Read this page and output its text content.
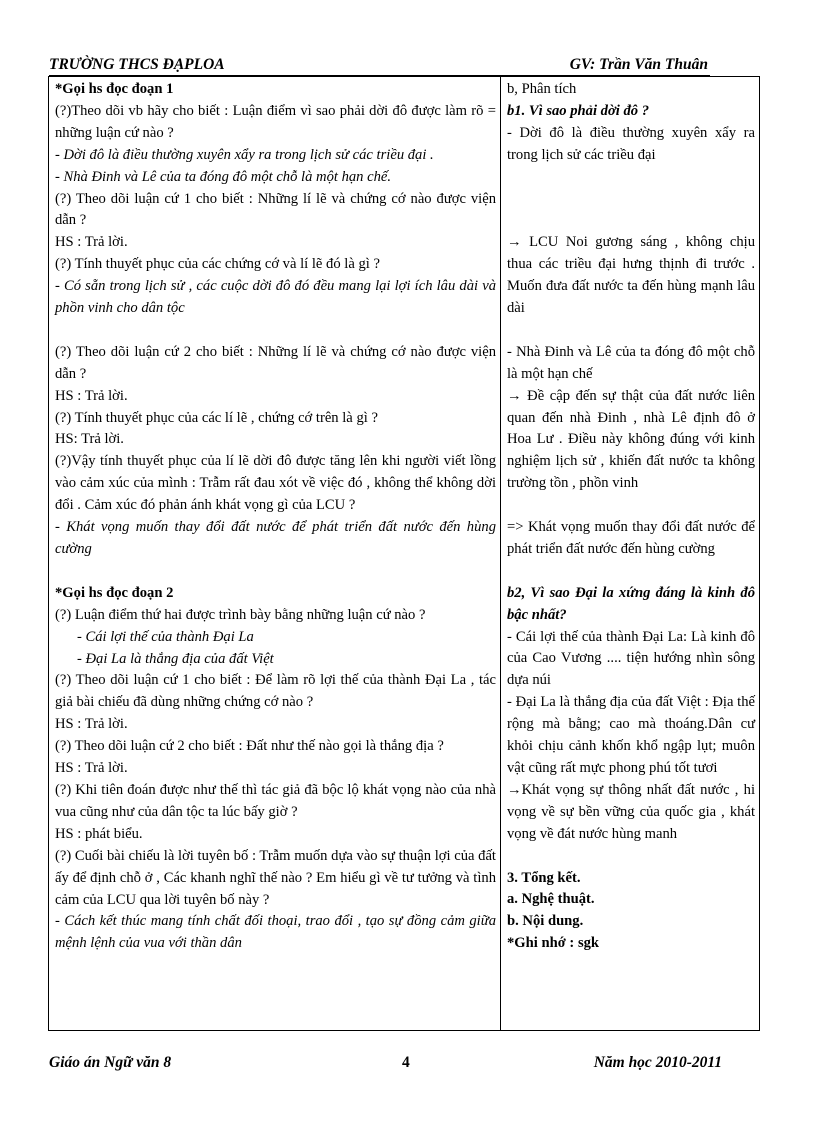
TRƯỜNG THCS ĐẠPLOA	GV: Trần Văn Thuân
*Gọi hs đọc đoạn 1
(?)Theo dõi vb hãy cho biết : Luận điểm vì sao phải dời đô được làm rõ = những luận cứ nào ?
- Dời đô là điều thường xuyên xẩy ra trong lịch sử các triều đại .
- Nhà Đinh và Lê của ta đóng đô một chỗ là một hạn chế.
(?) Theo dõi luận cứ 1 cho biết : Những lí lẽ và chứng cớ nào được viện dẫn ?
HS : Trả lời.
(?) Tính thuyết phục của các chứng cớ và lí lẽ đó là gì ?
- Có sẵn trong lịch sử , các cuộc dời đô đó đều mang lại lợi ích lâu dài và phồn vinh cho dân tộc
(?) Theo dõi luận cứ 2 cho biết : Những lí lẽ và chứng cớ nào được viện dẫn ?
HS : Trả lời.
(?) Tính thuyết phục của các lí lẽ , chứng cớ trên là gì ?
HS: Trả lời.
(?)Vậy tính thuyết phục của lí lẽ dời đô được tăng lên khi người viết lồng vào cảm xúc của mình : Trẫm rất đau xót về việc đó , không thể không dời đổi . Cảm xúc đó phản ánh khát vọng gì của LCU ?
- Khát vọng muốn thay đổi đất nước để phát triển đất nước đến hùng cường
*Gọi hs đọc đoạn 2
(?) Luận điểm thứ hai được trình bày bằng những luận cứ nào ?
- Cái lợi thế của thành Đại La
- Đại La là thắng địa của đất Việt
(?) Theo dõi luận cứ 1 cho biết : Để làm rõ lợi thế của thành Đại La , tác giả bài chiếu đã dùng những chứng cớ nào ?
HS : Trả lời.
(?) Theo dõi luận cứ 2 cho biết : Đất như thế nào gọi là thắng địa ?
HS : Trả lời.
(?) Khi tiên đoán được như thế thì tác giả đã bộc lộ khát vọng nào của nhà vua cũng như của dân tộc ta lúc bấy giờ ?
HS : phát biểu.
(?) Cuối bài chiếu là lời tuyên bố : Trẫm muốn dựa vào sự thuận lợi của đất ấy để định chỗ ở , Các khanh nghĩ thế nào ? Em hiểu gì về tư tưởng và tình cảm của LCU qua lời tuyên bố này ?
- Cách kết thúc mang tính chất đối thoại, trao đổi , tạo sự đồng cảm giữa mệnh lệnh của vua với thần dân

b, Phân tích
b1. Vì sao phải dời đô ?
- Dời đô là điều thường xuyên xẩy ra trong lịch sử các triều đại
→ LCU Noi gương sáng , không chịu thua các triều đại hưng thịnh đi trước . Muốn đưa đất nước ta đến hùng mạnh lâu dài
- Nhà Đinh và Lê của ta đóng đô một chỗ là một hạn chế
→ Đề cập đến sự thật của đất nước liên quan đến nhà Đinh , nhà Lê định đô ở Hoa Lư . Điều này không đúng với kinh nghiệm lịch sử , khiến đất nước ta không trường tồn , phồn vinh
=> Khát vọng muốn thay đổi đất nước để phát triển đất nước đến hùng cường
b2, Vì sao Đại la xứng đáng là kinh đô bậc nhất?
- Cái lợi thế của thành Đại La: Là kinh đô của Cao Vương .... tiện hướng nhìn sông dựa núi
- Đại La là thắng địa của đất Việt : Địa thế rộng mà bằng; cao mà thoáng.Dân cư khỏi chịu cảnh khốn khổ ngập lụt; muôn vật cũng rất mực phong phú tốt tươi
→Khát vọng sự thông nhất đất nước , hi vọng về sự bền vững của quốc gia , khát vọng về đát nước hùng manh
3. Tổng kết.
a. Nghệ thuật.
b. Nội dung.
*Ghi nhớ : sgk
Giáo án Ngữ văn 8	4	Năm học 2010-2011
